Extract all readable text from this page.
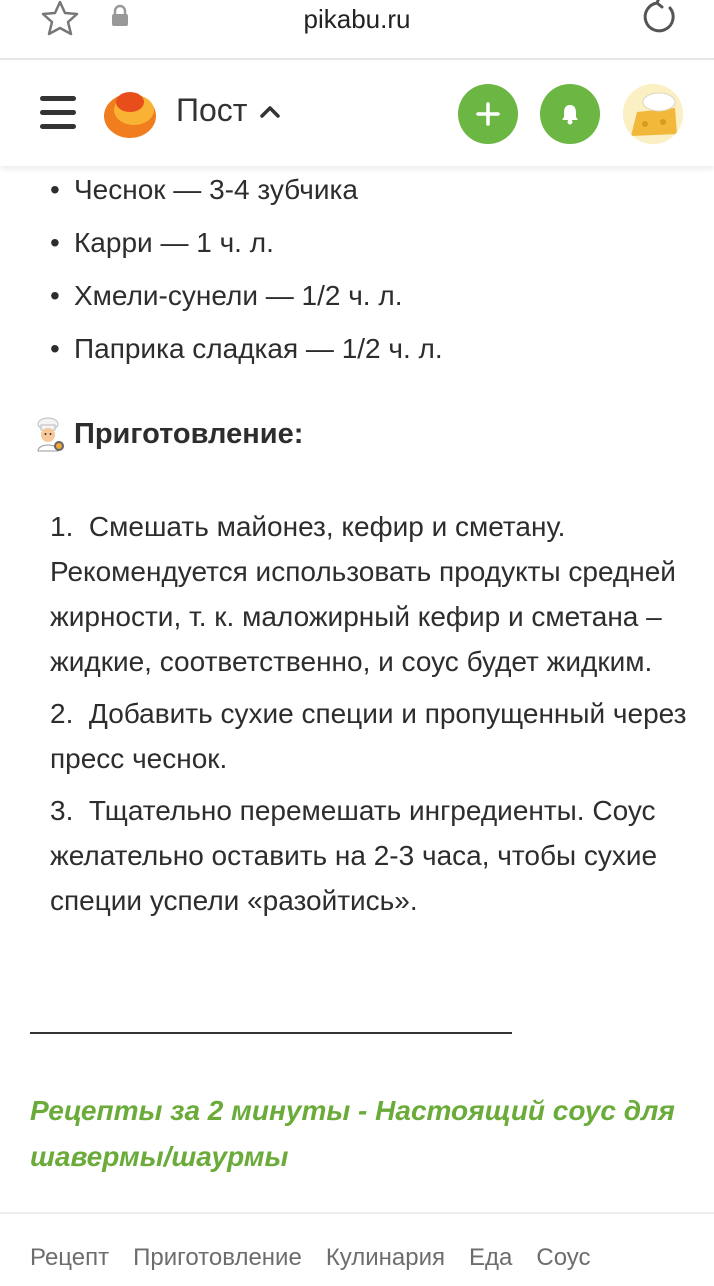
pikabu.ru
Пост
• Чеснок — 3-4 зубчика
• Карри — 1 ч. л.
• Хмели-сунели — 1/2 ч. л.
• Паприка сладкая — 1/2 ч. л.
Приготовление:
1. Смешать майонез, кефир и сметану. Рекомендуется использовать продукты средней жирности, т. к. маложирный кефир и сметана – жидкие, соответственно, и соус будет жидким.
2. Добавить сухие специи и пропущенный через пресс чеснок.
3. Тщательно перемешать ингредиенты. Соус желательно оставить на 2-3 часа, чтобы сухие специи успели «разойтись».
Рецепты за 2 минуты - Настоящий соус для шавермы/шаурмы
Рецепт Приготовление Кулинария Еда Соус
